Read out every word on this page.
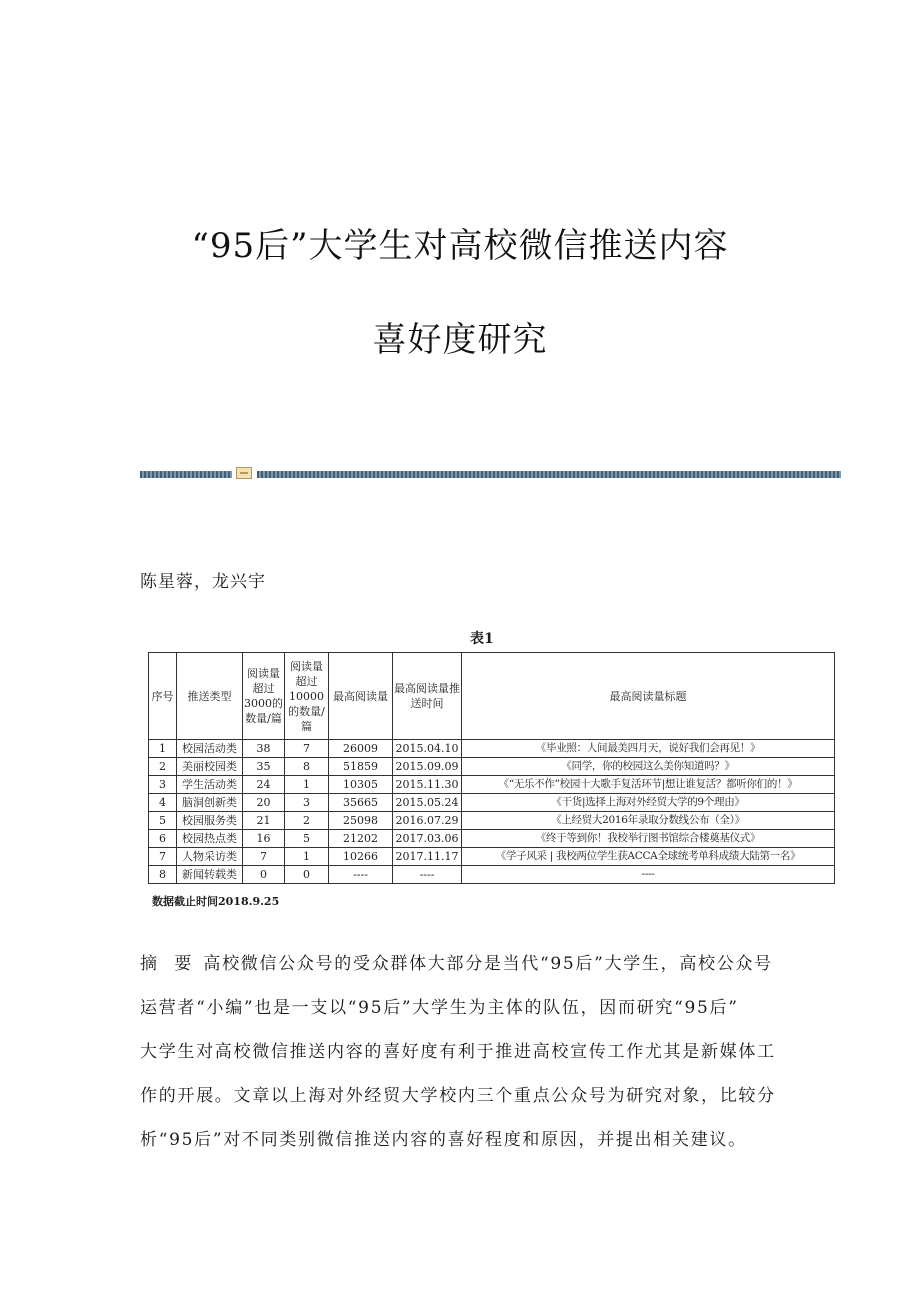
“95后”大学生对高校微信推送内容
喜好度研究
陈星蓉，龙兴宇
表1
序号	推送类型	阅读量超过3000的数量/篇	阅读量超过10000的数量/篇	最高阅读量	最高阅读量推送时间	最高阅读量标题
1	校园活动类	38	7	26009	2015.04.10	《毕业照：人间最美四月天，说好我们会再见！》
2	美丽校园类	35	8	51859	2015.09.09	《同学，你的校园这么美你知道吗？》
3	学生活动类	24	1	10305	2015.11.30	《“无乐不作”校园十大歌手复活环节|想让谁复活？都听你们的！》
4	脑洞创新类	20	3	35665	2015.05.24	《干货|选择上海对外经贸大学的9个理由》
5	校园服务类	21	2	25098	2016.07.29	《上经贸大2016年录取分数线公布（全）》
6	校园热点类	16	5	21202	2017.03.06	《终于等到你！我校举行图书馆综合楼奠基仪式》
7	人物采访类	7	1	10266	2017.11.17	《学子风采 | 我校两位学生获ACCA全球统考单科成绩大陆第一名》
8	新闻转载类	0	0	----	----	----
数据截止时间2018.9.25

摘 要 高校微信公众号的受众群体大部分是当代“95后”大学生，高校公众号

运营者“小编”也是一支以“95后”大学生为主体的队伍，因而研究“95后”

大学生对高校微信推送内容的喜好度有利于推进高校宣传工作尤其是新媒体工

作的开展。文章以上海对外经贸大学校内三个重点公众号为研究对象，比较分

析“95后”对不同类别微信推送内容的喜好程度和原因，并提出相关建议。
